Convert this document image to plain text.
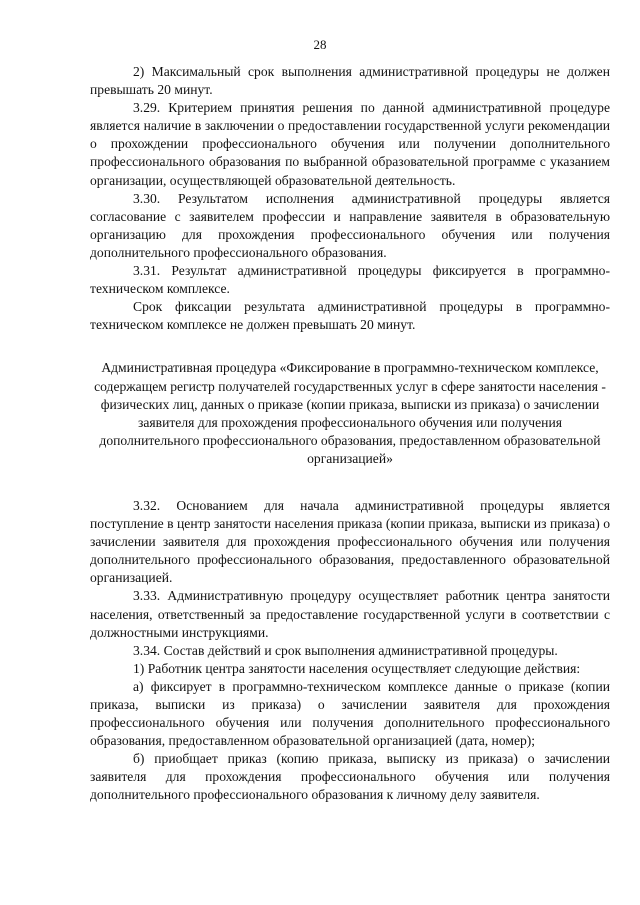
28

2) Максимальный срок выполнения административной процедуры не должен превышать 20 минут.

3.29. Критерием принятия решения по данной административной процедуре является наличие в заключении о предоставлении государственной услуги рекомендации о прохождении профессионального обучения или получении дополнительного профессионального образования по выбранной образовательной программе с указанием организации, осуществляющей образовательной деятельность.

3.30. Результатом исполнения административной процедуры является согласование с заявителем профессии и направление заявителя в образовательную организацию для прохождения профессионального обучения или получения дополнительного профессионального образования.

3.31. Результат административной процедуры фиксируется в программно-техническом комплексе.

Срок фиксации результата административной процедуры в программно-техническом комплексе не должен превышать 20 минут.

Административная процедура «Фиксирование в программно-техническом комплексе, содержащем регистр получателей государственных услуг в сфере занятости населения - физических лиц, данных о приказе (копии приказа, выписки из приказа) о зачислении заявителя для прохождения профессионального обучения или получения дополнительного профессионального образования, предоставленном образовательной организацией»

3.32. Основанием для начала административной процедуры является поступление в центр занятости населения приказа (копии приказа, выписки из приказа) о зачислении заявителя для прохождения профессионального обучения или получения дополнительного профессионального образования, предоставленного образовательной организацией.

3.33. Административную процедуру осуществляет работник центра занятости населения, ответственный за предоставление государственной услуги в соответствии с должностными инструкциями.

3.34. Состав действий и срок выполнения административной процедуры.

1) Работник центра занятости населения осуществляет следующие действия:

а) фиксирует в программно-техническом комплексе данные о приказе (копии приказа, выписки из приказа) о зачислении заявителя для прохождения профессионального обучения или получения дополнительного профессионального образования, предоставленном образовательной организацией (дата, номер);

б) приобщает приказ (копию приказа, выписку из приказа) о зачислении заявителя для прохождения профессионального обучения или получения дополнительного профессионального образования к личному делу заявителя.
